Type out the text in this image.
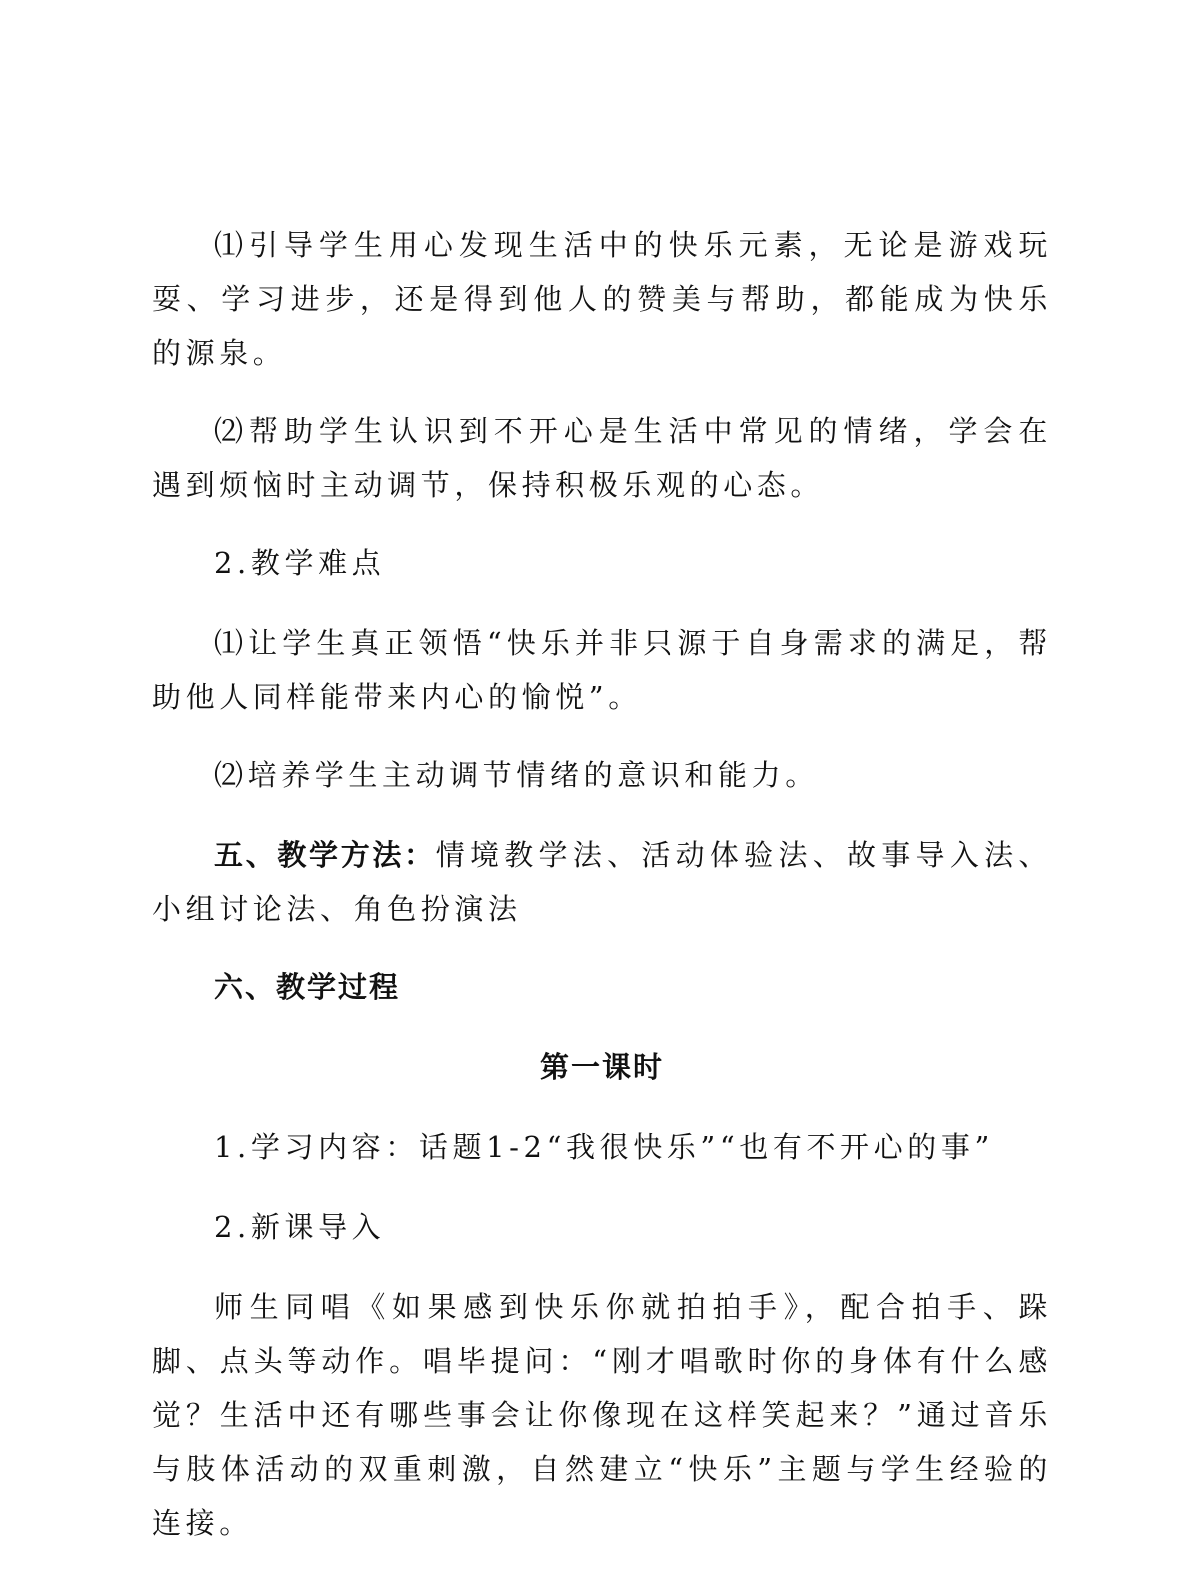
⑴引导学生用心发现生活中的快乐元素，无论是游戏玩耍、学习进步，还是得到他人的赞美与帮助，都能成为快乐的源泉。

⑵帮助学生认识到不开心是生活中常见的情绪，学会在遇到烦恼时主动调节，保持积极乐观的心态。

2.教学难点

⑴让学生真正领悟“快乐并非只源于自身需求的满足，帮助他人同样能带来内心的愉悦”。

⑵培养学生主动调节情绪的意识和能力。

五、教学方法：情境教学法、活动体验法、故事导入法、小组讨论法、角色扮演法

六、教学过程

第一课时

1.学习内容：话题1-2“我很快乐”“也有不开心的事”

2.新课导入

师生同唱《如果感到快乐你就拍拍手》，配合拍手、跺脚、点头等动作。唱毕提问：“刚才唱歌时你的身体有什么感觉？生活中还有哪些事会让你像现在这样笑起来？”通过音乐与肢体活动的双重刺激，自然建立“快乐”主题与学生经验的连接。
